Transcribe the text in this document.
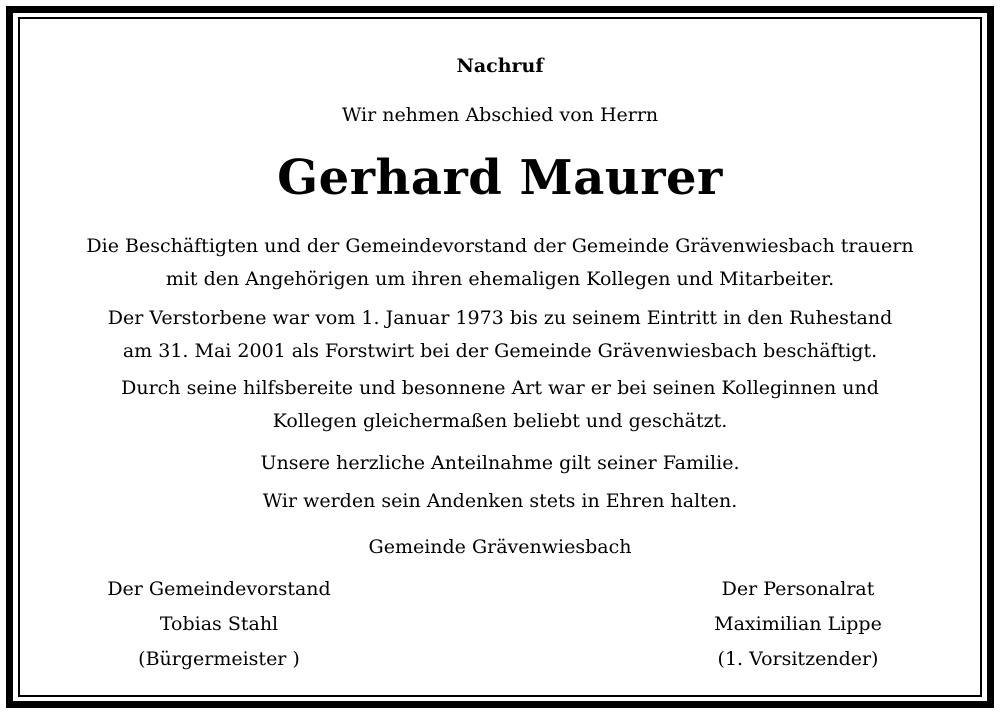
Nachruf
Wir nehmen Abschied von Herrn
Gerhard Maurer
Die Beschäftigten und der Gemeindevorstand der Gemeinde Grävenwiesbach trauern
mit den Angehörigen um ihren ehemaligen Kollegen und Mitarbeiter.
Der Verstorbene war vom 1. Januar 1973 bis zu seinem Eintritt in den Ruhestand
am 31. Mai 2001 als Forstwirt bei der Gemeinde Grävenwiesbach beschäftigt.
Durch seine hilfsbereite und besonnene Art war er bei seinen Kolleginnen und
Kollegen gleichermaßen beliebt und geschätzt.
Unsere herzliche Anteilnahme gilt seiner Familie.
Wir werden sein Andenken stets in Ehren halten.
Gemeinde Grävenwiesbach
Der Gemeindevorstand
Tobias Stahl
(Bürgermeister )
Der Personalrat
Maximilian Lippe
(1. Vorsitzender)
